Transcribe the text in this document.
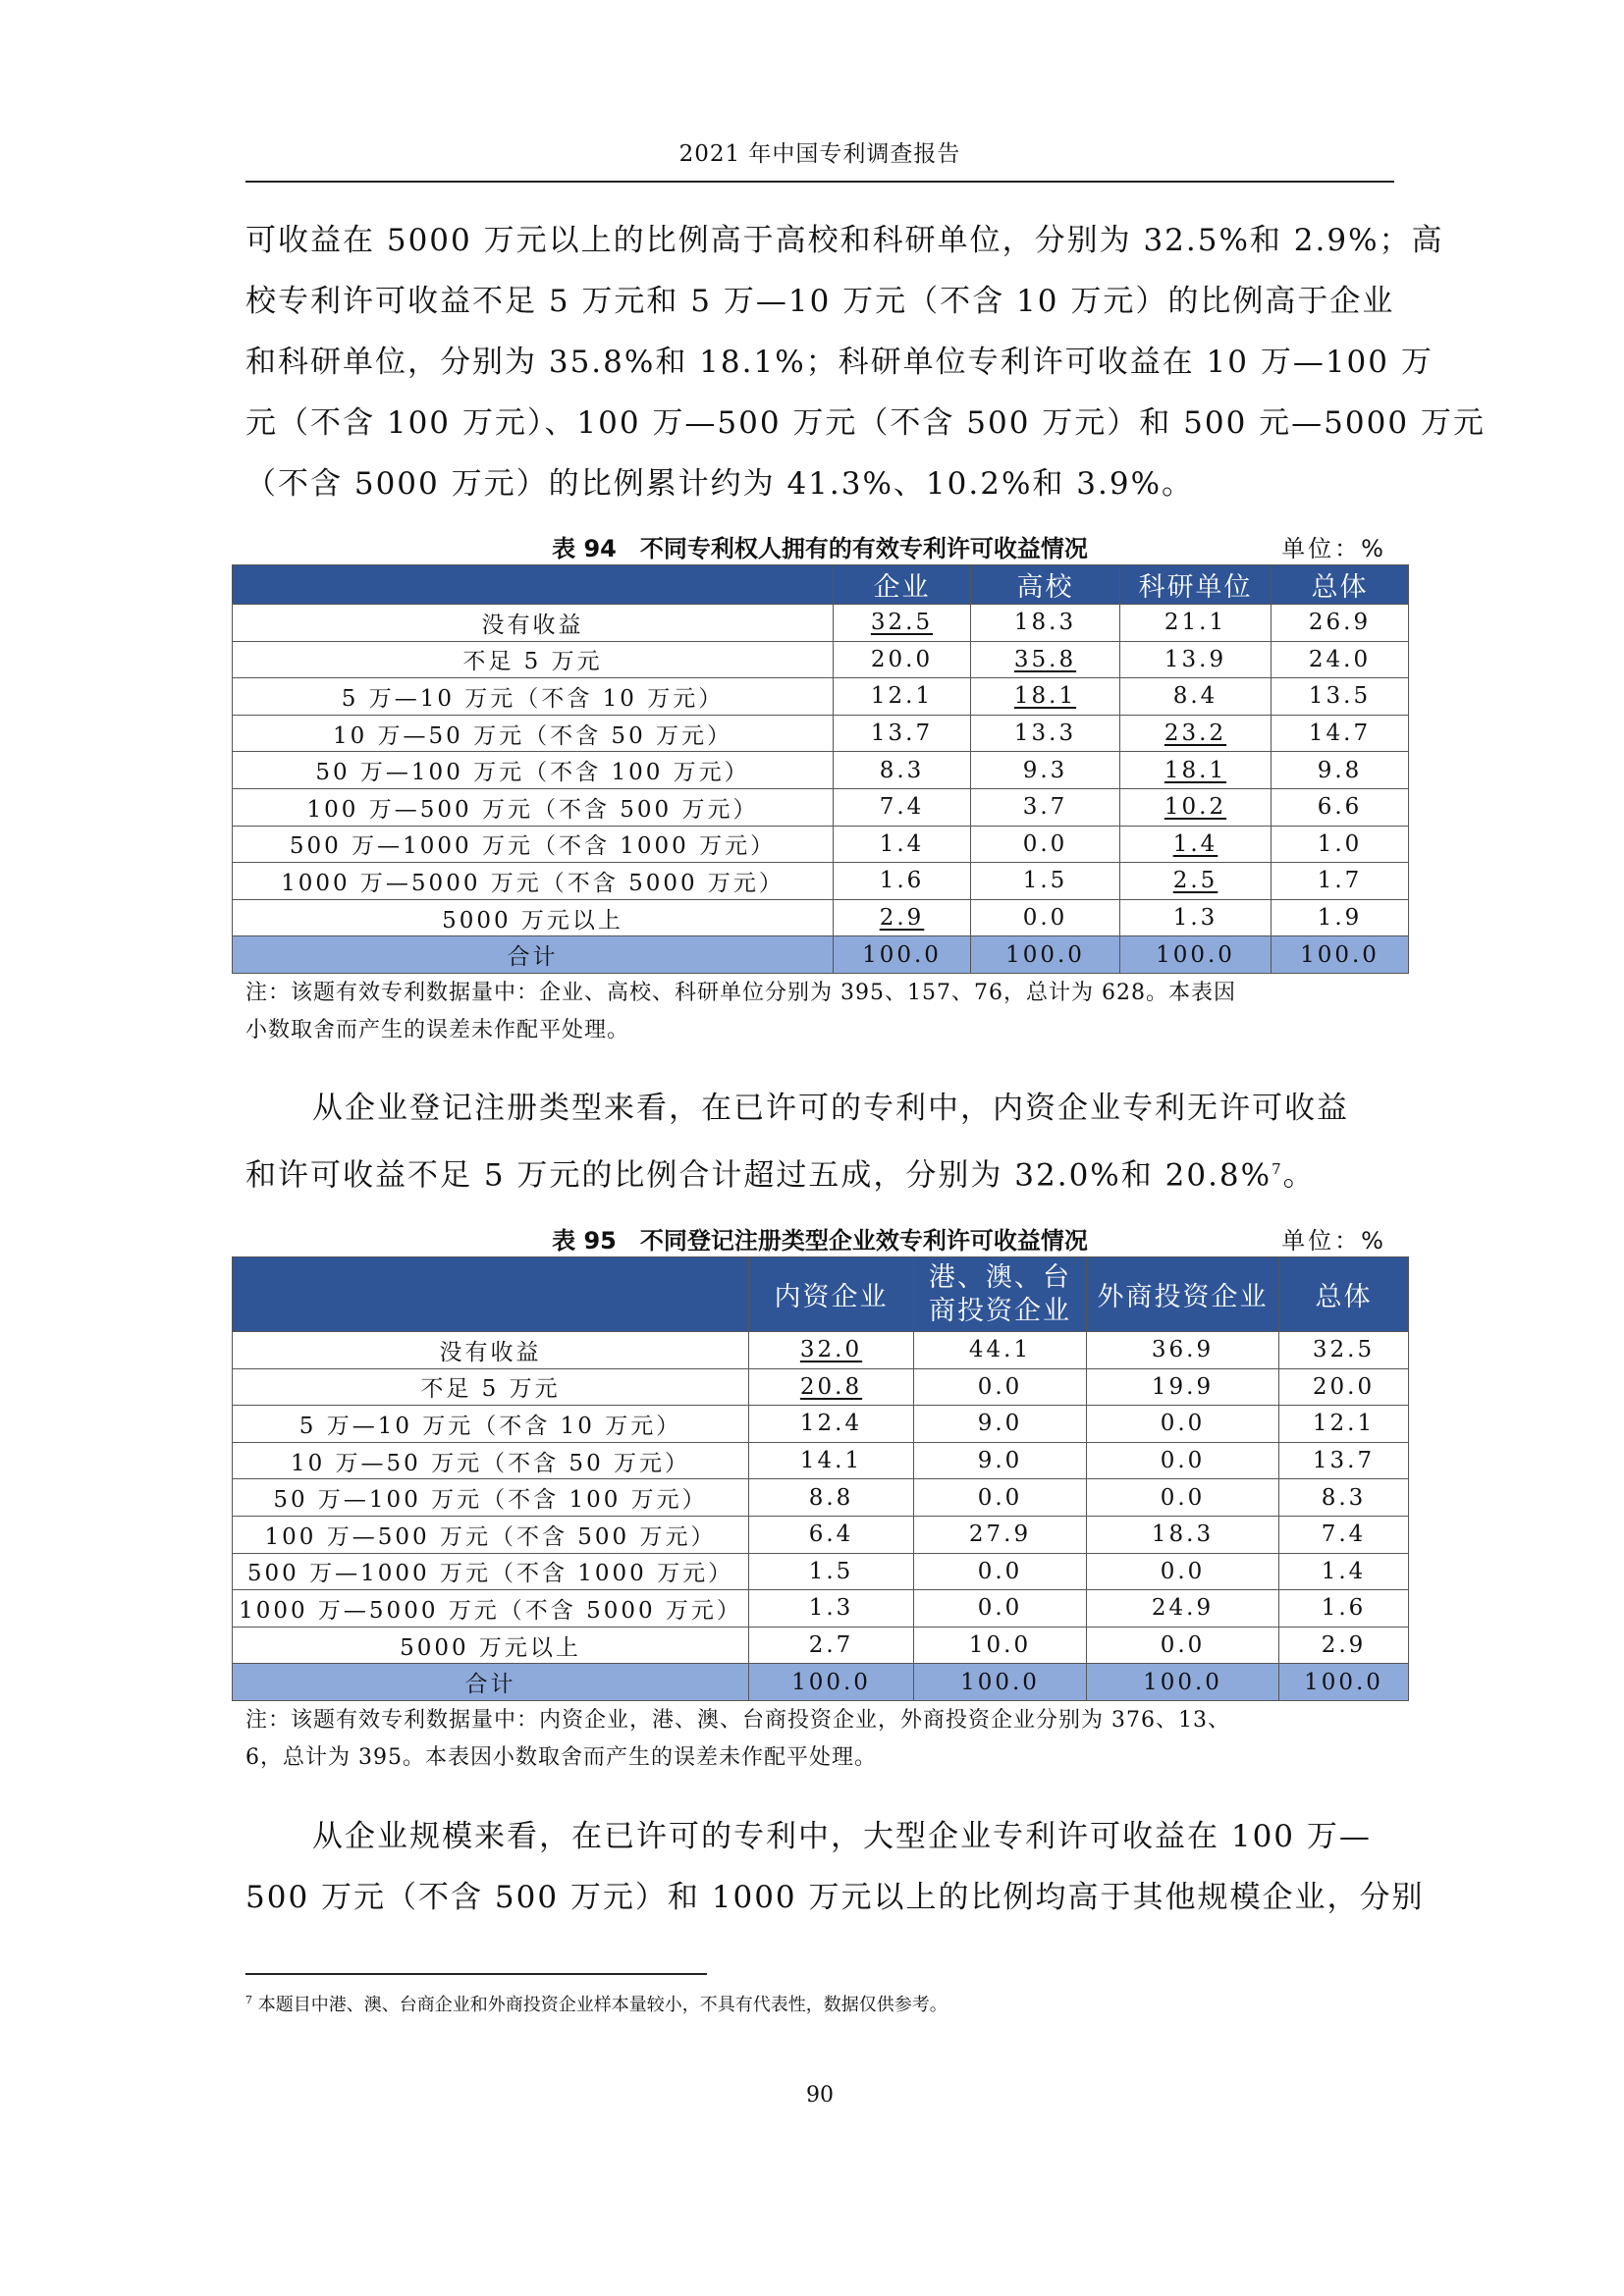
2021 年中国专利调查报告
可收益在 5000 万元以上的比例高于高校和科研单位，分别为 32.5%和 2.9%；高
校专利许可收益不足 5 万元和 5 万—10 万元（不含 10 万元）的比例高于企业
和科研单位，分别为 35.8%和 18.1%；科研单位专利许可收益在 10 万—100 万
元（不含 100 万元）、100 万—500 万元（不含 500 万元）和 500 元—5000 万元
（不含 5000 万元）的比例累计约为 41.3%、10.2%和 3.9%。
表 94　不同专利权人拥有的有效专利许可收益情况	单位：%
	企业	高校	科研单位	总体
没有收益	32.5	18.3	21.1	26.9
不足 5 万元	20.0	35.8	13.9	24.0
5 万—10 万元（不含 10 万元）	12.1	18.1	8.4	13.5
10 万—50 万元（不含 50 万元）	13.7	13.3	23.2	14.7
50 万—100 万元（不含 100 万元）	8.3	9.3	18.1	9.8
100 万—500 万元（不含 500 万元）	7.4	3.7	10.2	6.6
500 万—1000 万元（不含 1000 万元）	1.4	0.0	1.4	1.0
1000 万—5000 万元（不含 5000 万元）	1.6	1.5	2.5	1.7
5000 万元以上	2.9	0.0	1.3	1.9
合计	100.0	100.0	100.0	100.0
注：该题有效专利数据量中：企业、高校、科研单位分别为 395、157、76，总计为 628。本表因
小数取舍而产生的误差未作配平处理。
从企业登记注册类型来看，在已许可的专利中，内资企业专利无许可收益
和许可收益不足 5 万元的比例合计超过五成，分别为 32.0%和 20.8%$^7$。
表 95　不同登记注册类型企业效专利许可收益情况	单位：%
	内资企业	港、澳、台
商投资企业	外商投资企业	总体
没有收益	32.0	44.1	36.9	32.5
不足 5 万元	20.8	0.0	19.9	20.0
5 万—10 万元（不含 10 万元）	12.4	9.0	0.0	12.1
10 万—50 万元（不含 50 万元）	14.1	9.0	0.0	13.7
50 万—100 万元（不含 100 万元）	8.8	0.0	0.0	8.3
100 万—500 万元（不含 500 万元）	6.4	27.9	18.3	7.4
500 万—1000 万元（不含 1000 万元）	1.5	0.0	0.0	1.4
1000 万—5000 万元（不含 5000 万元）	1.3	0.0	24.9	1.6
5000 万元以上	2.7	10.0	0.0	2.9
合计	100.0	100.0	100.0	100.0
注：该题有效专利数据量中：内资企业，港、澳、台商投资企业，外商投资企业分别为 376、13、
6，总计为 395。本表因小数取舍而产生的误差未作配平处理。
从企业规模来看，在已许可的专利中，大型企业专利许可收益在 100 万—
500 万元（不含 500 万元）和 1000 万元以上的比例均高于其他规模企业，分别
$^7$ 本题目中港、澳、台商企业和外商投资企业样本量较小，不具有代表性，数据仅供参考。
90
